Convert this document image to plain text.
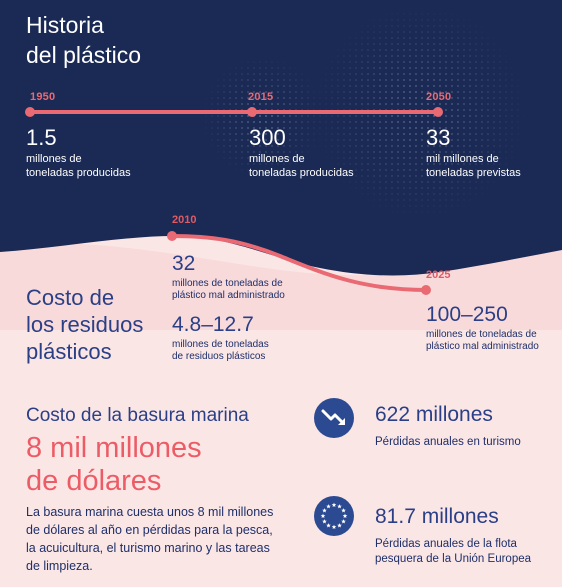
Historia
del plástico
1950	2015	2050
1.5
millones de
toneladas producidas
300
millones de
toneladas producidas
33
mil millones de
toneladas previstas
2010
32
millones de toneladas de
plástico mal administrado
Costo de
los residuos
plásticos
4.8–12.7
millones de toneladas
de residuos plásticos
2025
100–250
millones de toneladas de
plástico mal administrado
Costo de la basura marina
8 mil millones
de dólares
La basura marina cuesta unos 8 mil millones
de dólares al año en pérdidas para la pesca,
la acuicultura, el turismo marino y las tareas
de limpieza.
622 millones
Pérdidas anuales en turismo
81.7 millones
Pérdidas anuales de la flota
pesquera de la Unión Europea
